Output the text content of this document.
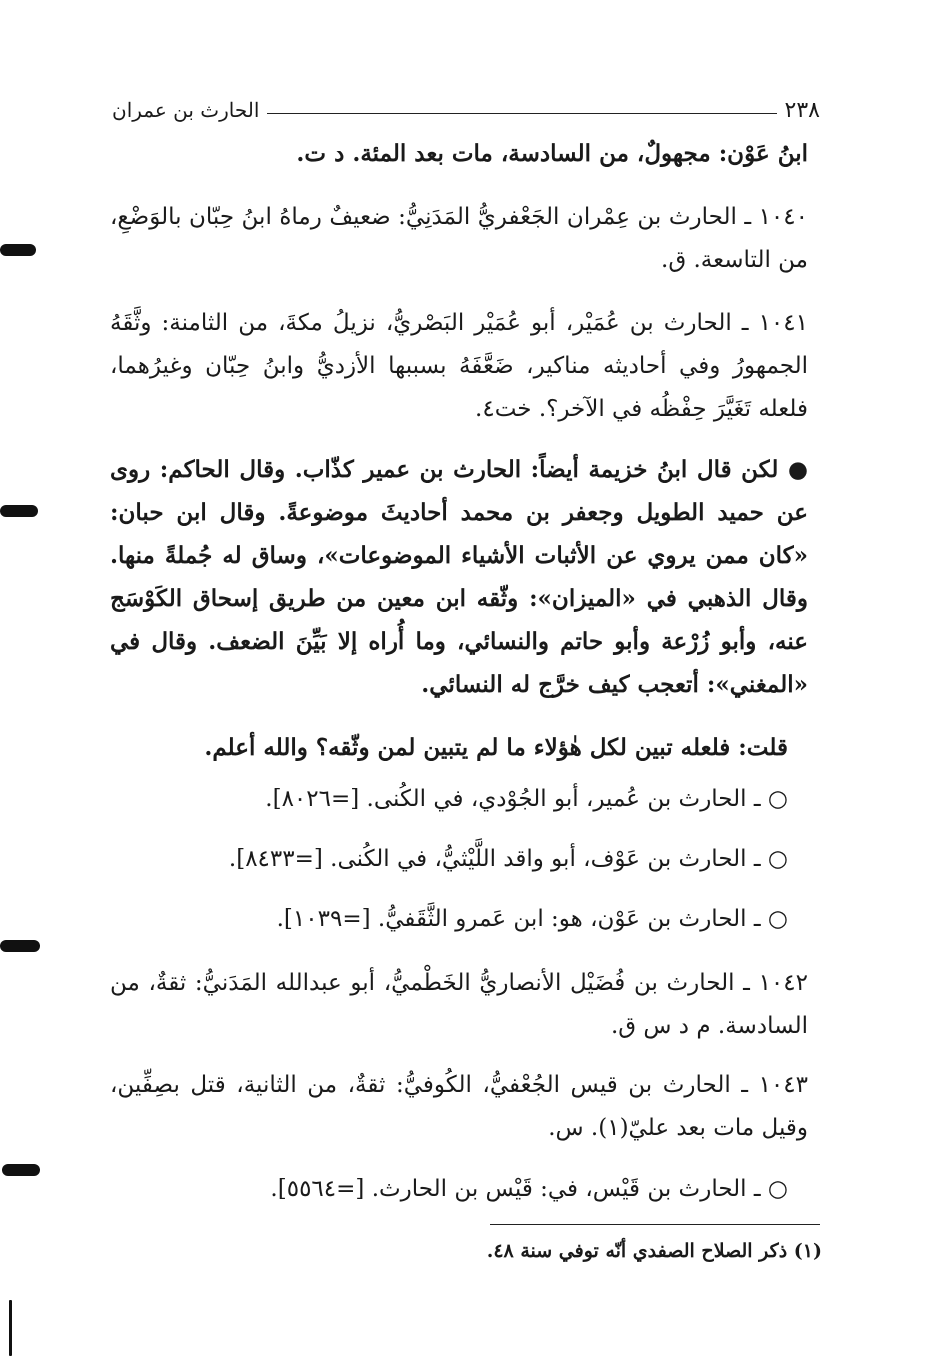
٢٣٨
الحارث بن عمران
ابنُ عَوْن: مجهولٌ، من السادسة، مات بعد المئة. د ت.
١٠٤٠ ـ الحارث بن عِمْران الجَعْفريُّ المَدَنِيُّ: ضعيفٌ رماهُ ابنُ حِبّان بالوَضْعِ، من التاسعة. ق.
١٠٤١ ـ الحارث بن عُمَيْر، أبو عُمَيْر البَصْريُّ، نزيلُ مكةَ، من الثامنة: وثَّقَهُ الجمهورُ وفي أحاديثه مناكير، ضَعَّفَهُ بسببها الأزديُّ وابنُ حِبّان وغيرُهما، فلعله تَغَيَّرَ حِفْظُه في الآخر؟. خت٤.
● لكن قال ابنُ خزيمة أيضاً: الحارث بن عمير كذّاب. وقال الحاكم: روى عن حميد الطويل وجعفر بن محمد أحاديثَ موضوعةً. وقال ابن حبان: «كان ممن يروي عن الأثبات الأشياء الموضوعات»، وساق له جُملةً منها. وقال الذهبي في «الميزان»: وثّقه ابن معين من طريق إسحاق الكَوْسَج عنه، وأبو زُرْعة وأبو حاتم والنسائي، وما أُراه إلا بَيِّنَ الضعف. وقال في «المغني»: أتعجب كيف خرَّج له النسائي.
قلت: فلعله تبين لكل هٰؤلاء ما لم يتبين لمن وثّقه؟ والله أعلم.
○ ـ الحارث بن عُمير، أبو الجُوْدي، في الكُنى. [=٨٠٢٦].
○ ـ الحارث بن عَوْف، أبو واقد اللَّيْثيُّ، في الكُنى. [=٨٤٣٣].
○ ـ الحارث بن عَوْن، هو: ابن عَمرو الثَّقَفيُّ. [=١٠٣٩].
١٠٤٢ ـ الحارث بن فُضَيْل الأنصاريُّ الخَطْميُّ، أبو عبدالله المَدَنيُّ: ثقةٌ، من السادسة. م د س ق.
١٠٤٣ ـ الحارث بن قيس الجُعْفيُّ، الكُوفيُّ: ثقةٌ، من الثانية، قتل بصِفِّين، وقيل مات بعد عليّ(١). س.
○ ـ الحارث بن قَيْس، في: قَيْس بن الحارث. [=٥٥٦٤].
(١) ذكر الصلاح الصفدي أنّه توفي سنة ٤٨.
